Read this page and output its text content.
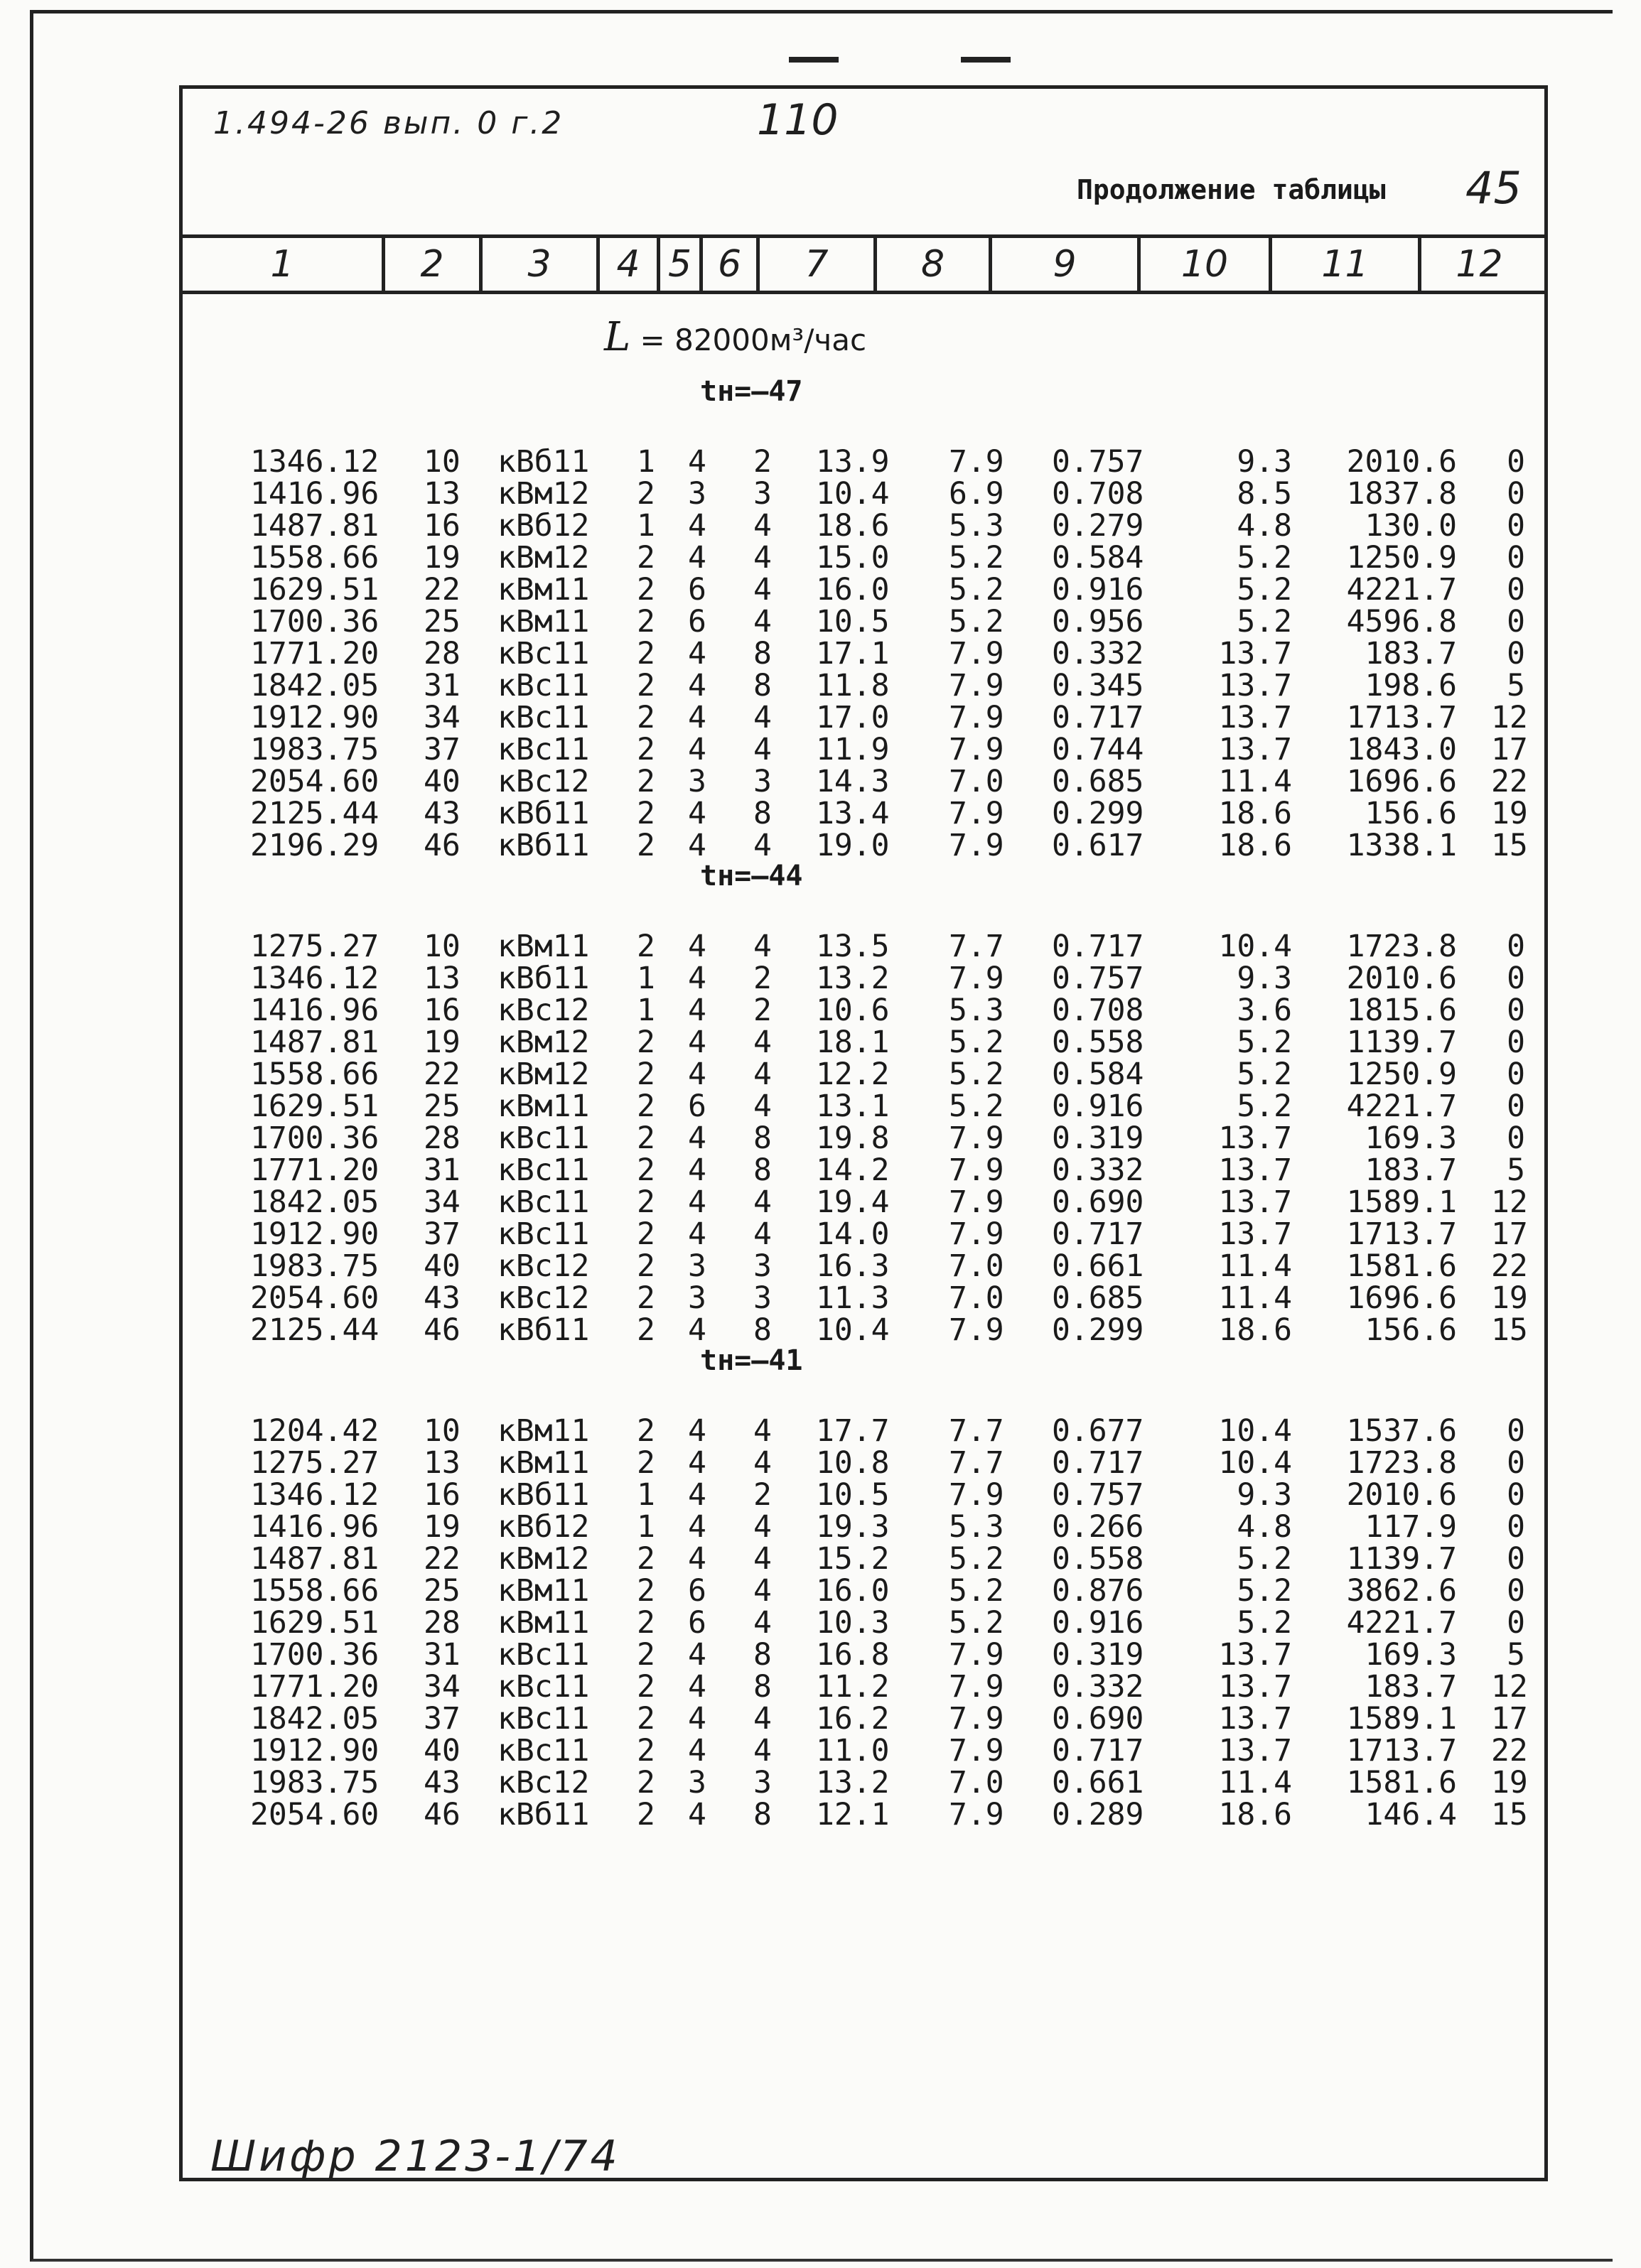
1.494-26 вып. 0 г.2	110
Продолжение таблицы 45
1	2	3	4 5 6	7	8	9	10	11	12
L = 82000м³/час
tн=—47
1346.12 10 кВб11 1 4 2 13.9 7.9 0.757	9.3	2010.6	0
1416.96 13 кВм12 2 3 3 10.4 6.9 0.708	8.5	1837.8	0
1487.81 16 кВб12 1 4 4 18.6 5.3 0.279	4.8	130.0	0
1558.66 19 кВм12 2 4 4 15.0 5.2 0.584	5.2	1250.9	0
1629.51 22 кВм11 2 6 4 16.0 5.2 0.916	5.2	4221.7	0
1700.36 25 кВм11 2 6 4 10.5 5.2 0.956	5.2	4596.8	0
1771.20 28 кВс11 2 4 8 17.1 7.9 0.332	13.7	183.7	0
1842.05 31 кВс11 2 4 8 11.8 7.9 0.345	13.7	198.6	5
1912.90 34 кВс11 2 4 4 17.0 7.9 0.717	13.7	1713.7 12
1983.75 37 кВс11 2 4 4 11.9 7.9 0.744	13.7	1843.0 17
2054.60 40 кВс12 2 3 3 14.3 7.0 0.685	11.4	1696.6 22
2125.44 43 кВб11 2 4 8 13.4 7.9 0.299	18.6	156.6 19
2196.29 46 кВб11 2 4 4 19.0 7.9 0.617	18.6	1338.1 15
tн=—44
1275.27 10 кВм11 2 4 4 13.5 7.7 0.717	10.4	1723.8	0
1346.12 13 кВб11 1 4 2 13.2 7.9 0.757	9.3	2010.6	0
1416.96 16 кВс12 1 4 2 10.6 5.3 0.708	3.6	1815.6	0
1487.81 19 кВм12 2 4 4 18.1 5.2 0.558	5.2	1139.7	0
1558.66 22 кВм12 2 4 4 12.2 5.2 0.584	5.2	1250.9	0
1629.51 25 кВм11 2 6 4 13.1 5.2 0.916	5.2	4221.7	0
1700.36 28 кВс11 2 4 8 19.8 7.9 0.319	13.7	169.3	0
1771.20 31 кВс11 2 4 8 14.2 7.9 0.332	13.7	183.7	5
1842.05 34 кВс11 2 4 4 19.4 7.9 0.690	13.7	1589.1 12
1912.90 37 кВс11 2 4 4 14.0 7.9 0.717	13.7	1713.7 17
1983.75 40 кВс12 2 3 3 16.3 7.0 0.661	11.4	1581.6 22
2054.60 43 кВс12 2 3 3 11.3 7.0 0.685	11.4	1696.6 19
2125.44 46 кВб11 2 4 8 10.4 7.9 0.299	18.6	156.6 15
tн=—41
1204.42 10 кВм11 2 4 4 17.7 7.7 0.677	10.4	1537.6	0
1275.27 13 кВм11 2 4 4 10.8 7.7 0.717	10.4	1723.8	0
1346.12 16 кВб11 1 4 2 10.5 7.9 0.757	9.3	2010.6	0
1416.96 19 кВб12 1 4 4 19.3 5.3 0.266	4.8	117.9	0
1487.81 22 кВм12 2 4 4 15.2 5.2 0.558	5.2	1139.7	0
1558.66 25 кВм11 2 6 4 16.0 5.2 0.876	5.2	3862.6	0
1629.51 28 кВм11 2 6 4 10.3 5.2 0.916	5.2	4221.7	0
1700.36 31 кВс11 2 4 8 16.8 7.9 0.319	13.7	169.3	5
1771.20 34 кВс11 2 4 8 11.2 7.9 0.332	13.7	183.7 12
1842.05 37 кВс11 2 4 4 16.2 7.9 0.690	13.7	1589.1 17
1912.90 40 кВс11 2 4 4 11.0 7.9 0.717	13.7	1713.7 22
1983.75 43 кВс12 2 3 3 13.2 7.0 0.661	11.4	1581.6 19
2054.60 46 кВб11 2 4 8 12.1 7.9 0.289	18.6	146.4 15
Шифр 2123-1/74
